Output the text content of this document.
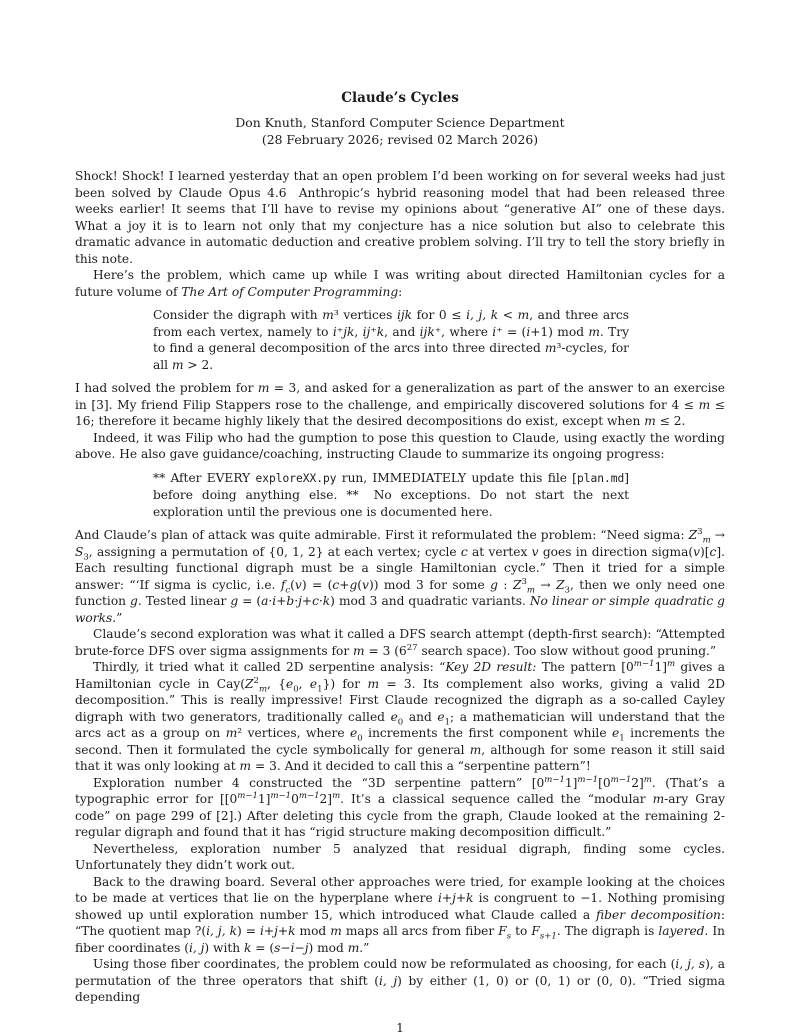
Claude’s Cycles
Don Knuth, Stanford Computer Science Department
(28 February 2026; revised 02 March 2026)
Shock! Shock! I learned yesterday that an open problem I’d been working on for several weeks had just been solved by Claude Opus 4.6 Anthropic’s hybrid reasoning model that had been released three weeks earlier! It seems that I’ll have to revise my opinions about “generative AI” one of these days. What a joy it is to learn not only that my conjecture has a nice solution but also to celebrate this dramatic advance in automatic deduction and creative problem solving. I’ll try to tell the story briefly in this note.
Here’s the problem, which came up while I was writing about directed Hamiltonian cycles for a future volume of The Art of Computer Programming:
Consider the digraph with m³ vertices ijk for 0 ≤ i, j, k < m, and three arcs from each vertex, namely to i⁺jk, ij⁺k, and ijk⁺, where i⁺ = (i+1) mod m. Try to find a general decomposition of the arcs into three directed m³-cycles, for all m > 2.
I had solved the problem for m = 3, and asked for a generalization as part of the answer to an exercise in [3]. My friend Filip Stappers rose to the challenge, and empirically discovered solutions for 4 ≤ m ≤ 16; therefore it became highly likely that the desired decompositions do exist, except when m ≤ 2.
Indeed, it was Filip who had the gumption to pose this question to Claude, using exactly the wording above. He also gave guidance/coaching, instructing Claude to summarize its ongoing progress:
** After EVERY exploreXX.py run, IMMEDIATELY update this file [plan.md] before doing anything else. **  No exceptions. Do not start the next exploration until the previous one is documented here.
And Claude’s plan of attack was quite admirable. First it reformulated the problem: “Need sigma: $Z^3_m \to S_3$, assigning a permutation of {0, 1, 2} at each vertex; cycle c at vertex v goes in direction sigma(v)[c]. Each resulting functional digraph must be a single Hamiltonian cycle.” Then it tried for a simple answer: “‘If sigma is cyclic, i.e. $f_c(v) = (c+g(v))$ mod 3 for some g : $Z^3_m \to Z_3$, then we only need one function g. Tested linear g = (a·i+b·j+c·k) mod 3 and quadratic variants. No linear or simple quadratic g works.”
Claude’s second exploration was what it called a DFS search attempt (depth-first search): “Attempted brute-force DFS over sigma assignments for m = 3 ($6^{27}$ search space). Too slow without good pruning.”
Thirdly, it tried what it called 2D serpentine analysis: “Key 2D result: The pattern $[0^{m-1}1]^m$ gives a Hamiltonian cycle in $Cay(Z^2_m$, {$e_0$, $e_1$}) for m = 3. Its complement also works, giving a valid 2D decomposition.” This is really impressive! First Claude recognized the digraph as a so-called Cayley digraph with two generators, traditionally called $e_0$ and $e_1$; a mathematician will understand that the arcs act as a group on m² vertices, where $e_0$ increments the first component while $e_1$ increments the second. Then it formulated the cycle symbolically for general m, although for some reason it still said that it was only looking at m = 3. And it decided to call this a “serpentine pattern”!
Exploration number 4 constructed the “3D serpentine pattern” $[0^{m-1}1]^{m-1}[0^{m-1}2]^m$. (That’s a typographic error for $[[0^{m-1}1]^{m-1}0^{m-1}2]^m$. It’s a classical sequence called the “modular m-ary Gray code” on page 299 of [2].) After deleting this cycle from the graph, Claude looked at the remaining 2-regular digraph and found that it has “rigid structure making decomposition difficult.”
Nevertheless, exploration number 5 analyzed that residual digraph, finding some cycles. Unfortunately they didn’t work out.
Back to the drawing board. Several other approaches were tried, for example looking at the choices to be made at vertices that lie on the hyperplane where i+j+k is congruent to −1. Nothing promising showed up until exploration number 15, which introduced what Claude called a fiber decomposition: “The quotient map ?(i, j, k) = i+j+k mod m maps all arcs from fiber $F_s$ to $F_{s+1}$. The digraph is layered. In fiber coordinates (i, j) with k = (s−i−j) mod m.”
Using those fiber coordinates, the problem could now be reformulated as choosing, for each (i, j, s), a permutation of the three operators that shift (i, j) by either (1, 0) or (0, 1) or (0, 0). “Tried sigma depending
1
